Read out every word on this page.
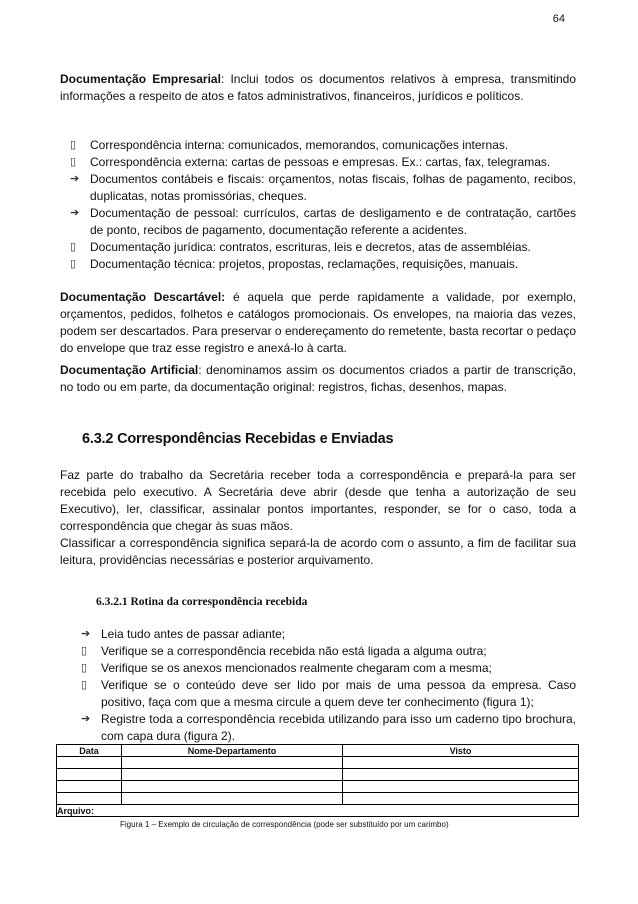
64
Documentação Empresarial: Inclui todos os documentos relativos à empresa, transmitindo informações a respeito de atos e fatos administrativos, financeiros, jurídicos e políticos.
▯ Correspondência interna: comunicados, memorandos, comunicações internas.
▯ Correspondência externa: cartas de pessoas e empresas. Ex.: cartas, fax, telegramas.
➔ Documentos contábeis e fiscais: orçamentos, notas fiscais, folhas de pagamento, recibos, duplicatas, notas promissórias, cheques.
➔ Documentação de pessoal: currículos, cartas de desligamento e de contratação, cartões de ponto, recibos de pagamento, documentação referente a acidentes.
▯ Documentação jurídica: contratos, escrituras, leis e decretos, atas de assembléias.
▯ Documentação técnica: projetos, propostas, reclamações, requisições, manuais.
Documentação Descartável: é aquela que perde rapidamente a validade, por exemplo, orçamentos, pedidos, folhetos e catálogos promocionais. Os envelopes, na maioria das vezes, podem ser descartados. Para preservar o endereçamento do remetente, basta recortar o pedaço do envelope que traz esse registro e anexá-lo à carta.
Documentação Artificial: denominamos assim os documentos criados a partir de transcrição, no todo ou em parte, da documentação original: registros, fichas, desenhos, mapas.
6.3.2 Correspondências Recebidas e Enviadas
Faz parte do trabalho da Secretária receber toda a correspondência e prepará-la para ser recebida pelo executivo. A Secretária deve abrir (desde que tenha a autorização de seu Executivo), ler, classificar, assinalar pontos importantes, responder, se for o caso, toda a correspondência que chegar às suas mãos.
Classificar a correspondência significa separá-la de acordo com o assunto, a fim de facilitar sua leitura, providências necessárias e posterior arquivamento.
6.3.2.1 Rotina da correspondência recebida
➔ Leia tudo antes de passar adiante;
▯ Verifique se a correspondência recebida não está ligada a alguma outra;
▯ Verifique se os anexos mencionados realmente chegaram com a mesma;
▯ Verifique se o conteúdo deve ser lido por mais de uma pessoa da empresa. Caso positivo, faça com que a mesma circule a quem deve ter conhecimento (figura 1);
➔ Registre toda a correspondência recebida utilizando para isso um caderno tipo brochura, com capa dura (figura 2).
Data	Nome-Departamento	Visto

Arquivo:		
Figura 1 – Exemplo de circulação de correspondência (pode ser substituído por um carimbo)
